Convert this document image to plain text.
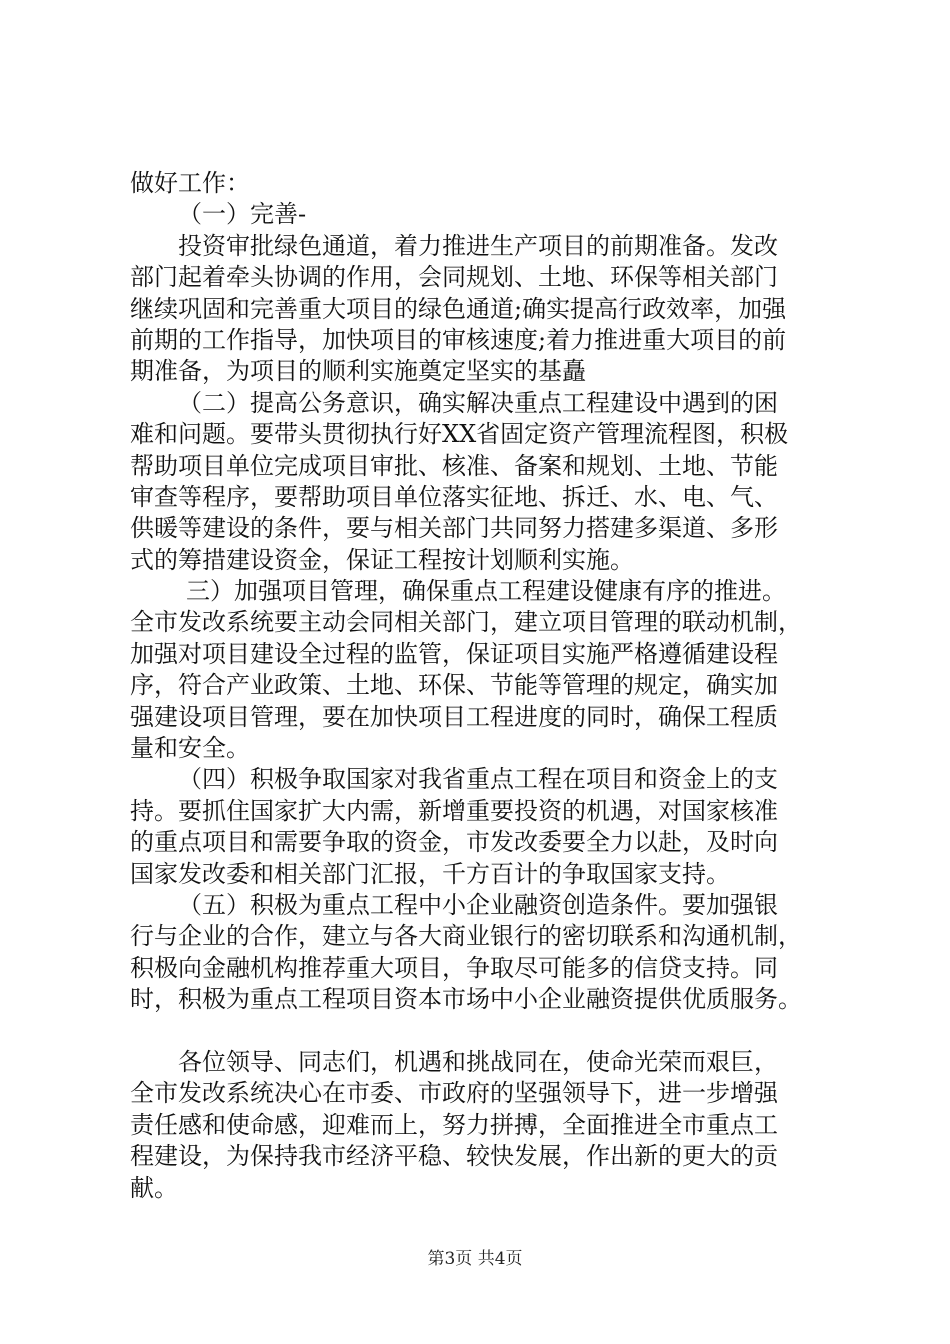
做好工作：
（一）完善-
投资审批绿色通道，着力推进生产项目的前期准备。发改
部门起着牵头协调的作用，会同规划、土地、环保等相关部门
继续巩固和完善重大项目的绿色通道;确实提高行政效率，加强
前期的工作指导，加快项目的审核速度;着力推进重大项目的前
期准备，为项目的顺利实施奠定坚实的基矗
（二）提高公务意识，确实解决重点工程建设中遇到的困
难和问题。要带头贯彻执行好XX省固定资产管理流程图，积极
帮助项目单位完成项目审批、核准、备案和规划、土地、节能
审查等程序，要帮助项目单位落实征地、拆迁、水、电、气、
供暖等建设的条件，要与相关部门共同努力搭建多渠道、多形
式的筹措建设资金，保证工程按计划顺利实施。
三）加强项目管理，确保重点工程建设健康有序的推进。
全市发改系统要主动会同相关部门，建立项目管理的联动机制，
加强对项目建设全过程的监管，保证项目实施严格遵循建设程
序，符合产业政策、土地、环保、节能等管理的规定，确实加
强建设项目管理，要在加快项目工程进度的同时，确保工程质
量和安全。
（四）积极争取国家对我省重点工程在项目和资金上的支
持。要抓住国家扩大内需，新增重要投资的机遇，对国家核准
的重点项目和需要争取的资金，市发改委要全力以赴，及时向
国家发改委和相关部门汇报，千方百计的争取国家支持。
（五）积极为重点工程中小企业融资创造条件。要加强银
行与企业的合作，建立与各大商业银行的密切联系和沟通机制，
积极向金融机构推荐重大项目，争取尽可能多的信贷支持。同
时，积极为重点工程项目资本市场中小企业融资提供优质服务。
各位领导、同志们，机遇和挑战同在，使命光荣而艰巨，
全市发改系统决心在市委、市政府的坚强领导下，进一步增强
责任感和使命感，迎难而上，努力拼搏，全面推进全市重点工
程建设，为保持我市经济平稳、较快发展，作出新的更大的贡
献。
第3页 共4页
